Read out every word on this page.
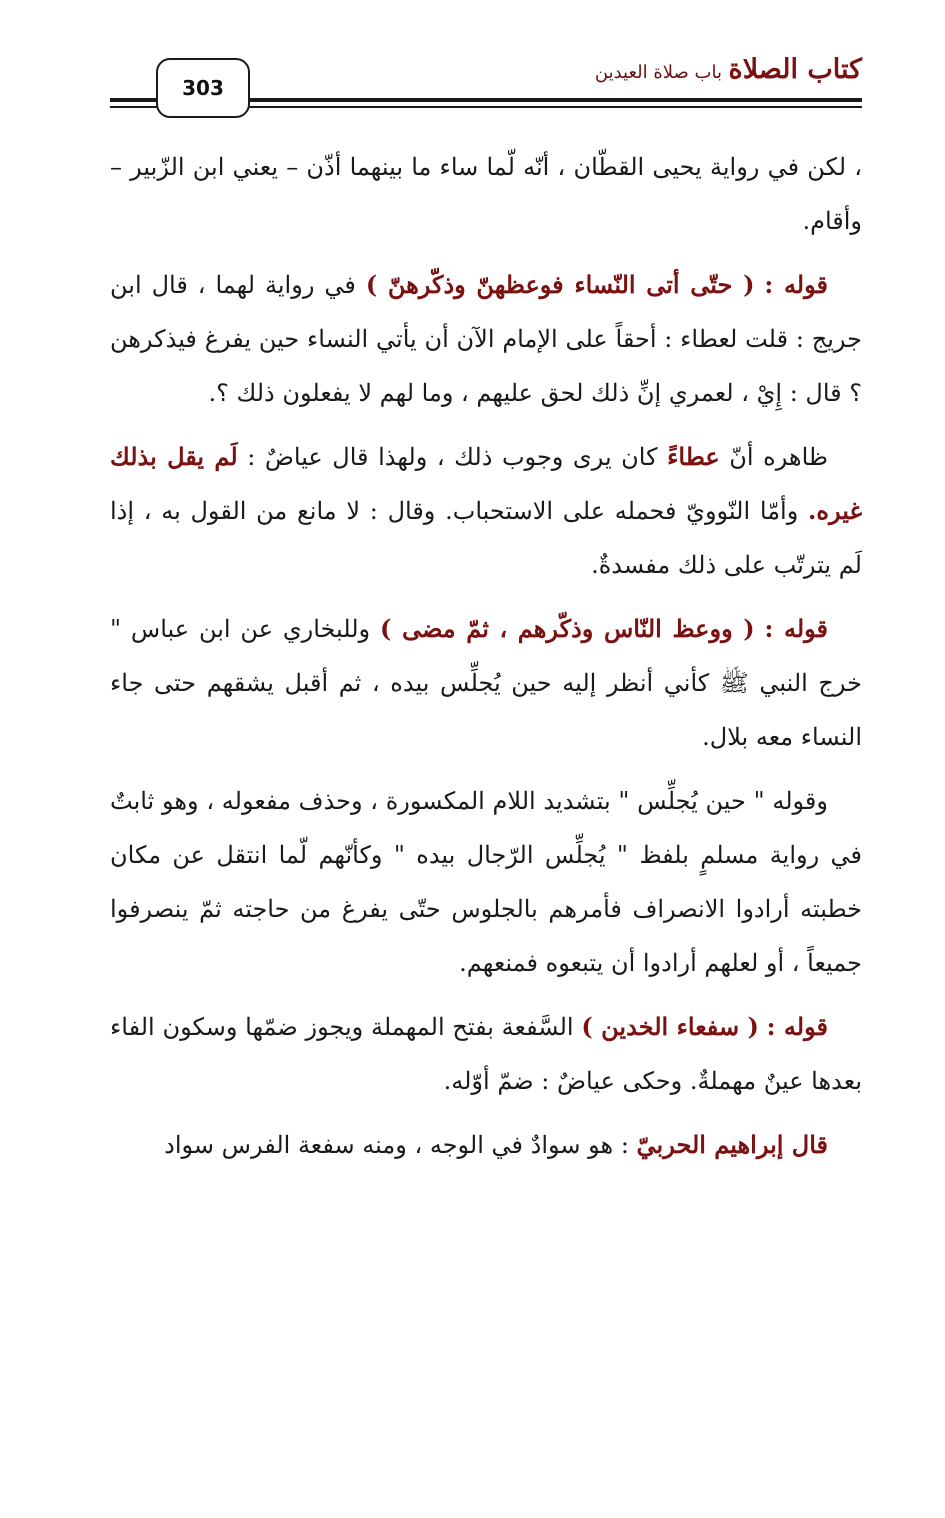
كتاب الصلاة
باب صلاة العيدين
303

، لكن في رواية يحيى القطّان ، أنّه لّما ساء ما بينهما أذّن – يعني ابن الزّبير – وأقام.

قوله : ( حتّى أتى النّساء فوعظهنّ وذكّرهنّ ) في رواية لهما ، قال ابن جريج : قلت لعطاء : أحقاً على الإمام الآن أن يأتي النساء حين يفرغ فيذكرهن ؟ قال : إِيْ ، لعمري إنِّ ذلك لحق عليهم ، وما لهم لا يفعلون ذلك ؟.

ظاهره أنّ عطاءً كان يرى وجوب ذلك ، ولهذا قال عياضٌ : لَم يقل بذلك غيره. وأمّا النّوويّ فحمله على الاستحباب. وقال : لا مانع من القول به ، إذا لَم يترتّب على ذلك مفسدةٌ.

قوله : ( ووعظ النّاس وذكّرهم ، ثمّ مضى ) وللبخاري عن ابن عباس " خرج النبي ﷺ كأني أنظر إليه حين يُجلِّس بيده ، ثم أقبل يشقهم حتى جاء النساء معه بلال.

وقوله " حين يُجلِّس " بتشديد اللام المكسورة ، وحذف مفعوله ، وهو ثابتٌ في رواية مسلمٍ بلفظ " يُجلِّس الرّجال بيده " وكأنّهم لّما انتقل عن مكان خطبته أرادوا الانصراف فأمرهم بالجلوس حتّى يفرغ من حاجته ثمّ ينصرفوا جميعاً ، أو لعلهم أرادوا أن يتبعوه فمنعهم.

قوله : ( سفعاء الخدين ) السَّفعة بفتح المهملة ويجوز ضمّها وسكون الفاء بعدها عينٌ مهملةٌ. وحكى عياضٌ : ضمّ أوّله.

قال إبراهيم الحربيّ : هو سوادٌ في الوجه ، ومنه سفعة الفرس سواد
